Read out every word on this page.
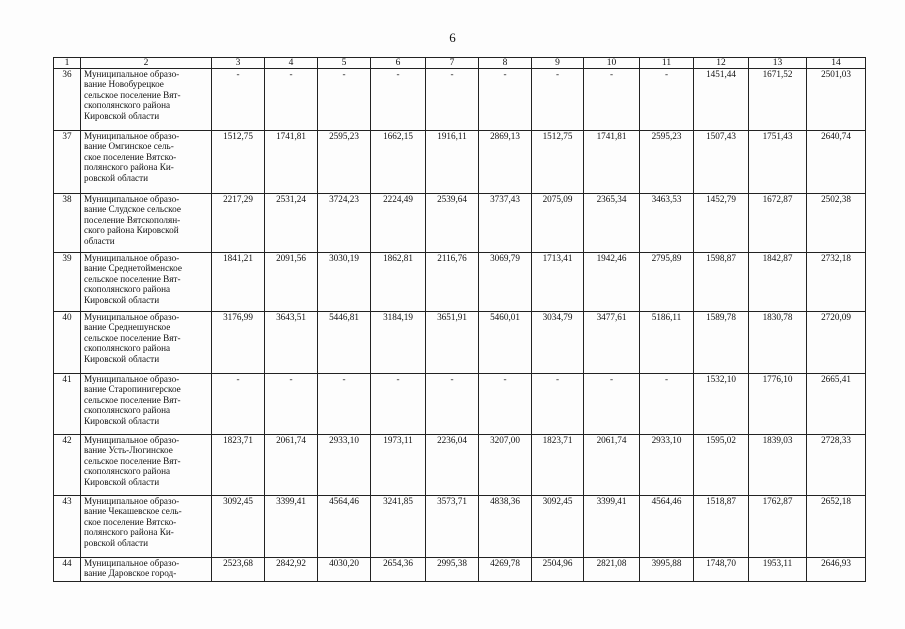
6
1	2	3	4	5	6	7	8	9	10	11	12	13	14
36	Муниципальное образо-
вание Новобурецкое
сельское поселение Вят-
скополянского района
Кировской области	-	-	-	-	-	-	-	-	-	1451,44	1671,52	2501,03
37	Муниципальное образо-
вание Омгинское сель-
ское поселение Вятско-
полянского района Ки-
ровской области	1512,75	1741,81	2595,23	1662,15	1916,11	2869,13	1512,75	1741,81	2595,23	1507,43	1751,43	2640,74
38	Муниципальное образо-
вание Слудское сельское
поселение Вятскополян-
ского района Кировской
области	2217,29	2531,24	3724,23	2224,49	2539,64	3737,43	2075,09	2365,34	3463,53	1452,79	1672,87	2502,38
39	Муниципальное образо-
вание Среднетойменское
сельское поселение Вят-
скополянского района
Кировской области	1841,21	2091,56	3030,19	1862,81	2116,76	3069,79	1713,41	1942,46	2795,89	1598,87	1842,87	2732,18
40	Муниципальное образо-
вание Среднешунское
сельское поселение Вят-
скополянского района
Кировской области	3176,99	3643,51	5446,81	3184,19	3651,91	5460,01	3034,79	3477,61	5186,11	1589,78	1830,78	2720,09
41	Муниципальное образо-
вание Старопинигерское
сельское поселение Вят-
скополянского района
Кировской области	-	-	-	-	-	-	-	-	-	1532,10	1776,10	2665,41
42	Муниципальное образо-
вание Усть-Люгинское
сельское поселение Вят-
скополянского района
Кировской области	1823,71	2061,74	2933,10	1973,11	2236,04	3207,00	1823,71	2061,74	2933,10	1595,02	1839,03	2728,33
43	Муниципальное образо-
вание Чекашевское сель-
ское поселение Вятско-
полянского района Ки-
ровской области	3092,45	3399,41	4564,46	3241,85	3573,71	4838,36	3092,45	3399,41	4564,46	1518,87	1762,87	2652,18
44	Муниципальное образо-
вание Даровское город-	2523,68	2842,92	4030,20	2654,36	2995,38	4269,78	2504,96	2821,08	3995,88	1748,70	1953,11	2646,93
